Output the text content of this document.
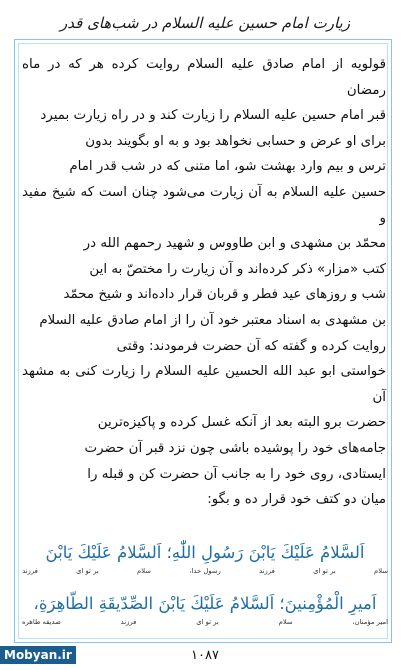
زيارت امام حسين عليه السلام در شب‌هاى قدر

قولويه از امام صادق عليه السلام روايت كرده هر كه در ماه رمضان

قبر امام حسين عليه السلام را زيارت كند و در راه زيارت بميرد

براى او عرض و حسابى نخواهد بود و به او بگويند بدون

ترس و بيم وارد بهشت شو، اما متنى كه در شب قدر امام

حسين عليه السلام به آن زيارت مى‌شود چنان است كه شيخ مفيد و

محمّد بن مشهدى و ابن طاووس و شهيد رحمهم الله در

كتب «مزار» ذكر كرده‌اند و آن زيارت را مختصّ به اين

شب و روزهاى عيد فطر و قربان قرار داده‌اند و شيخ محمّد

بن مشهدى به اسناد معتبر خود آن را از امام صادق عليه السلام

روايت كرده و گفته كه آن حضرت فرمودند: وقتى

خواستى ابو عبد الله الحسين عليه السلام را زيارت كنى به مشهد آن

حضرت برو البته بعد از آنكه غسل كرده و پاكيزه‌ترين

جامه‌هاى خود را پوشيده باشى چون نزد قبر آن حضرت

ايستادى، روى خود را به جانب آن حضرت كن و قبله را

ميان دو كتف خود قرار ده و بگو:

اَلسَّلامُ عَلَيْكَ يَابْنَ رَسُولِ اللّٰهِ؛ اَلسَّلامُ عَلَيْكَ يَابْنَ
سلام
بر تو اى
فرزند
رسول خدا،
سلام
بر تو اى
فرزند
اَميرِ الْمُؤْمِنينَ؛ اَلسَّلامُ عَلَيْكَ يَابْنَ الصِّدّيقَةِ الطّاهِرَةِ،
امير مؤمنان،
سلام
بر تو اى
فرزند
صديقه طاهره
Mobyan.ir	۱۰۸۷
